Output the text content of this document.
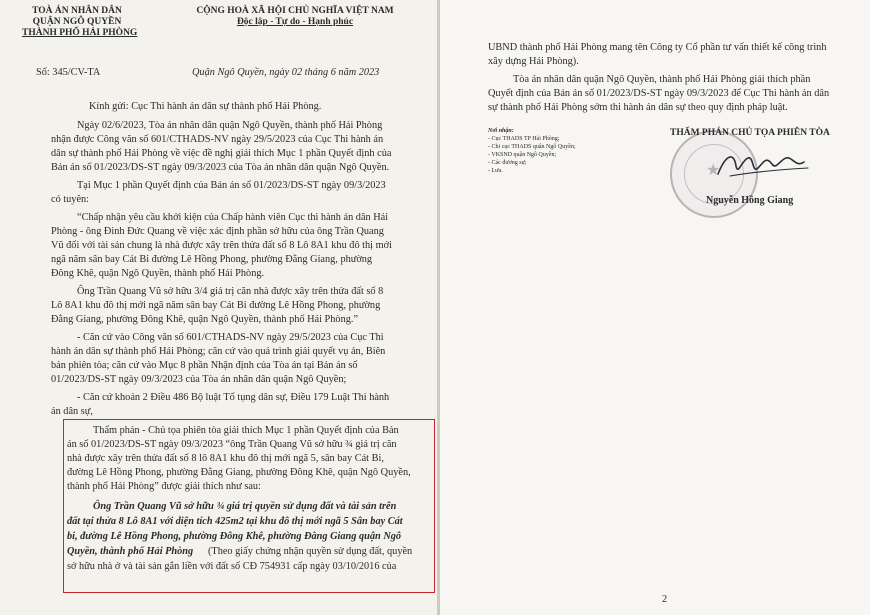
TOÀ ÁN NHÂN DÂN
QUẬN NGÔ QUYỀN
THÀNH PHỐ HẢI PHÒNG
CỘNG HOÀ XÃ HỘI CHỦ NGHĨA VIỆT NAM
Độc lập - Tự do - Hạnh phúc
Số: 345/CV-TA	Quận Ngô Quyền, ngày 02 tháng 6 năm 2023
Kính gửi: Cục Thi hành án dân sự thành phố Hải Phòng.
Ngày 02/6/2023, Tòa án nhân dân quận Ngô Quyền, thành phố Hải Phòng
nhận được Công văn số 601/CTHADS-NV ngày 29/5/2023 của Cục Thi hành án
dân sự thành phố Hải Phòng về việc đề nghị giải thích Mục 1 phần Quyết định của
Bản án số 01/2023/DS-ST ngày 09/3/2023 của Tòa án nhân dân quận Ngô Quyền.
Tại Mục 1 phần Quyết định của Bản án số 01/2023/DS-ST ngày 09/3/2023
có tuyên:
“Chấp nhận yêu cầu khởi kiện của Chấp hành viên Cục thi hành án dân Hải
Phòng - ông Đinh Đức Quang về việc xác định phần sở hữu của ông Trần Quang
Vũ đối với tài sản chung là nhà được xây trên thửa đất số 8 Lô 8A1 khu đô thị mới
ngã năm sân bay Cát Bi đường Lê Hồng Phong, phường Đằng Giang, phường
Đông Khê, quận Ngô Quyền, thành phố Hải Phòng.
Ông Trần Quang Vũ sở hữu 3/4 giá trị căn nhà được xây trên thửa đất số 8
Lô 8A1 khu đô thị mới ngã năm sân bay Cát Bi đường Lê Hồng Phong, phường
Đằng Giang, phường Đông Khê, quận Ngô Quyền, thành phố Hải Phòng.”
- Căn cứ vào Công văn số 601/CTHADS-NV ngày 29/5/2023 của Cục Thi
hành án dân sự thành phố Hải Phòng; căn cứ vào quá trình giải quyết vụ án, Biên
bản phiên tòa; căn cứ vào Mục 8 phần Nhận định của Tòa án tại Bản án số
01/2023/DS-ST ngày 09/3/2023 của Tòa án nhân dân quận Ngô Quyền;
- Căn cứ khoản 2 Điều 486 Bộ luật Tố tụng dân sự, Điều 179 Luật Thi hành
án dân sự,
Thẩm phán - Chủ tọa phiên tòa giải thích Mục 1 phần Quyết định của Bản
án số 01/2023/DS-ST ngày 09/3/2023 “ông Trần Quang Vũ sở hữu ¾ giá trị căn
nhà được xây trên thửa đất số 8 lô 8A1 khu đô thị mới ngã 5, sân bay Cát Bi,
đường Lê Hồng Phong, phường Đằng Giang, phường Đông Khê, quận Ngô Quyền,
thành phố Hải Phòng” được giải thích như sau:
Ông Trần Quang Vũ sở hữu ¾ giá trị quyền sử dụng đất và tài sản trên
đất tại thửa 8 Lô 8A1 với diện tích 425m2 tại khu đô thị mới ngã 5 Sân bay Cát
bi, đường Lê Hồng Phong, phường Đông Khê, phường Đằng Giang quận Ngô
Quyền, thành phố Hải Phòng (Theo giấy chứng nhận quyền sử dụng đất, quyền
sở hữu nhà ở và tài sản gắn liền với đất số CĐ 754931 cấp ngày 03/10/2016 của
UBND thành phố Hải Phòng mang tên Công ty Cổ phần tư vấn thiết kế công trình
xây dựng Hải Phòng).
Tòa án nhân dân quận Ngô Quyền, thành phố Hải Phòng giải thích phần
Quyết định của Bản án số 01/2023/DS-ST ngày 09/3/2023 để Cục Thi hành án dân
sự thành phố Hải Phòng sớm thi hành án dân sự theo quy định pháp luật.
Nơi nhận:
- Cục THADS TP Hải Phòng;
- Chi cục THADS quận Ngô Quyền;
- VKSND quận Ngô Quyền;
- Các đương sự;
- Lưu.	★
THẨM PHÁN CHỦ TỌA PHIÊN TÒA
Nguyễn Hồng Giang
2
